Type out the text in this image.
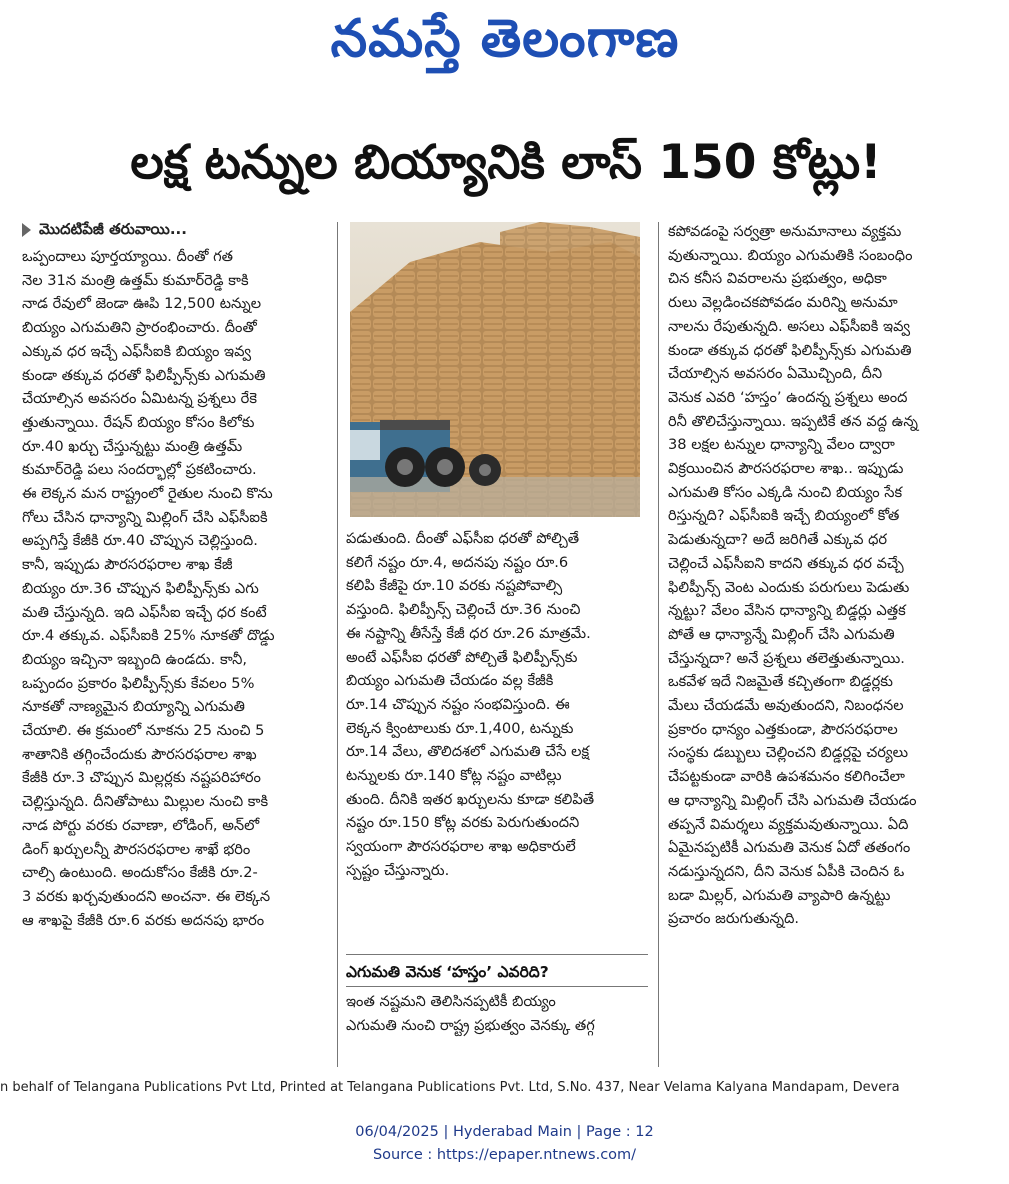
నమస్తే తెలంగాణ
లక్ష టన్నుల బియ్యానికి లాస్‌ 150 కోట్లు!
మొదటిపేజీ తరువాయి...
ఒప్పందాలు పూర్తయ్యాయి. దీంతో గత
నెల 31న మంత్రి ఉత్తమ్‌ కుమార్‌రెడ్డి కాకి
నాడ రేవులో జెండా ఊపి 12,500 టన్నుల
బియ్యం ఎగుమతిని ప్రారంభించారు. దీంతో
ఎక్కువ ధర ఇచ్చే ఎఫ్‌సీఐకి బియ్యం ఇవ్వ
కుండా తక్కువ ధరతో ఫిలిప్పీన్స్‌కు ఎగుమతి
చేయాల్సిన అవసరం ఏమిటన్న ప్రశ్నలు రేకె
త్తుతున్నాయి. రేషన్‌ బియ్యం కోసం కిలోకు
రూ.40 ఖర్చు చేస్తున్నట్టు మంత్రి ఉత్తమ్‌
కుమార్‌రెడ్డి పలు సందర్భాల్లో ప్రకటించారు.
ఈ లెక్కన మన రాష్ట్రంలో రైతుల నుంచి కొను
గోలు చేసిన ధాన్యాన్ని మిల్లింగ్‌ చేసి ఎఫ్‌సీఐకి
అప్పగిస్తే కేజీకి రూ.40 చొప్పున చెల్లిస్తుంది.
కానీ, ఇప్పుడు పౌరసరఫరాల శాఖ కేజీ
బియ్యం రూ.36 చొప్పున ఫిలిప్పీన్స్‌కు ఎగు
మతి చేస్తున్నది. ఇది ఎఫ్‌సీఐ ఇచ్చే ధర కంటే
రూ.4 తక్కువ. ఎఫ్‌సీఐకి 25% నూకతో దొడ్డు
బియ్యం ఇచ్చినా ఇబ్బంది ఉండదు. కానీ,
ఒప్పందం ప్రకారం ఫిలిప్పీన్స్‌కు కేవలం 5%
నూకతో నాణ్యమైన బియ్యాన్ని ఎగుమతి
చేయాలి. ఈ క్రమంలో నూకను 25 నుంచి 5
శాతానికి తగ్గించేందుకు పౌరసరఫరాల శాఖ
కేజీకి రూ.3 చొప్పున మిల్లర్లకు నష్టపరిహారం
చెల్లిస్తున్నది. దీనితోపాటు మిల్లుల నుంచి కాకి
నాడ పోర్టు వరకు రవాణా, లోడింగ్‌, అన్‌లో
డింగ్‌ ఖర్చులన్నీ పౌరసరఫరాల శాఖే భరిం
చాల్సి ఉంటుంది. అందుకోసం కేజీకి రూ.2-
3 వరకు ఖర్చవుతుందని అంచనా. ఈ లెక్కన
ఆ శాఖపై కేజీకి రూ.6 వరకు అదనపు భారం
పడుతుంది. దీంతో ఎఫ్‌సీఐ ధరతో పోల్చితే
కలిగే నష్టం రూ.4, అదనపు నష్టం రూ.6
కలిపి కేజీపై రూ.10 వరకు నష్టపోవాల్సి
వస్తుంది. ఫిలిప్పీన్స్‌ చెల్లించే రూ.36 నుంచి
ఈ నష్టాన్ని తీసేస్తే కేజీ ధర రూ.26 మాత్రమే.
అంటే ఎఫ్‌సీఐ ధరతో పోల్చితే ఫిలిప్పీన్స్‌కు
బియ్యం ఎగుమతి చేయడం వల్ల కేజీకి
రూ.14 చొప్పున నష్టం సంభవిస్తుంది. ఈ
లెక్కన క్వింటాలుకు రూ.1,400, టన్నుకు
రూ.14 వేలు, తొలిదశలో ఎగుమతి చేసే లక్ష
టన్నులకు రూ.140 కోట్ల నష్టం వాటిల్లు
తుంది. దీనికి ఇతర ఖర్చులను కూడా కలిపితే
నష్టం రూ.150 కోట్ల వరకు పెరుగుతుందని
స్వయంగా పౌరసరఫరాల శాఖ అధికారులే
స్పష్టం చేస్తున్నారు.
ఎగుమతి వెనుక ‘హస్తం’ ఎవరిది?
ఇంత నష్టమని తెలిసినప్పటికీ బియ్యం
ఎగుమతి నుంచి రాష్ట్ర ప్రభుత్వం వెనక్కు తగ్గ
కపోవడంపై సర్వత్రా అనుమానాలు వ్యక్తమ
వుతున్నాయి. బియ్యం ఎగుమతికి సంబంధిం
చిన కనీస వివరాలను ప్రభుత్వం, అధికా
రులు వెల్లడించకపోవడం మరిన్ని అనుమా
నాలను రేపుతున్నది. అసలు ఎఫ్‌సీఐకి ఇవ్వ
కుండా తక్కువ ధరతో ఫిలిప్పీన్స్‌కు ఎగుమతి
చేయాల్సిన అవసరం ఏమొచ్చింది, దీని
వెనుక ఎవరి ‘హస్తం’ ఉందన్న ప్రశ్నలు అంద
రినీ తొలిచేస్తున్నాయి. ఇప్పటికే తన వద్ద ఉన్న
38 లక్షల టన్నుల ధాన్యాన్ని వేలం ద్వారా
విక్రయించిన పౌరసరఫరాల శాఖ.. ఇప్పుడు
ఎగుమతి కోసం ఎక్కడి నుంచి బియ్యం సేక
రిస్తున్నది? ఎఫ్‌సీఐకి ఇచ్చే బియ్యంలో కోత
పెడుతున్నదా? అదే జరిగితే ఎక్కువ ధర
చెల్లించే ఎఫ్‌సీఐని కాదని తక్కువ ధర వచ్చే
ఫిలిప్పీన్స్‌ వెంట ఎందుకు పరుగులు పెడుతు
న్నట్టు? వేలం వేసిన ధాన్యాన్ని బిడ్డర్లు ఎత్తక
పోతే ఆ ధాన్యాన్నే మిల్లింగ్‌ చేసి ఎగుమతి
చేస్తున్నదా? అనే ప్రశ్నలు తలెత్తుతున్నాయి.
ఒకవేళ ఇదే నిజమైతే కచ్చితంగా బిడ్డర్లకు
మేలు చేయడమే అవుతుందని, నిబంధనల
ప్రకారం ధాన్యం ఎత్తకుండా, పౌరసరఫరాల
సంస్థకు డబ్బులు చెల్లించని బిడ్డర్లపై చర్యలు
చేపట్టకుండా వారికి ఉపశమనం కలిగించేలా
ఆ ధాన్యాన్ని మిల్లింగ్‌ చేసి ఎగుమతి చేయడం
తప్పనే విమర్శలు వ్యక్తమవుతున్నాయి. ఏది
ఏమైనప్పటికీ ఎగుమతి వెనుక ఏదో తతంగం
నడుస్తున్నదని, దీని వెనుక ఏపీకి చెందిన ఓ
బడా మిల్లర్‌, ఎగుమతి వ్యాపారి ఉన్నట్టు
ప్రచారం జరుగుతున్నది.
n behalf of Telangana Publications Pvt Ltd, Printed at Telangana Publications Pvt. Ltd, S.No. 437, Near Velama Kalyana Mandapam, Devera
06/04/2025 | Hyderabad Main | Page : 12
Source : https://epaper.ntnews.com/
